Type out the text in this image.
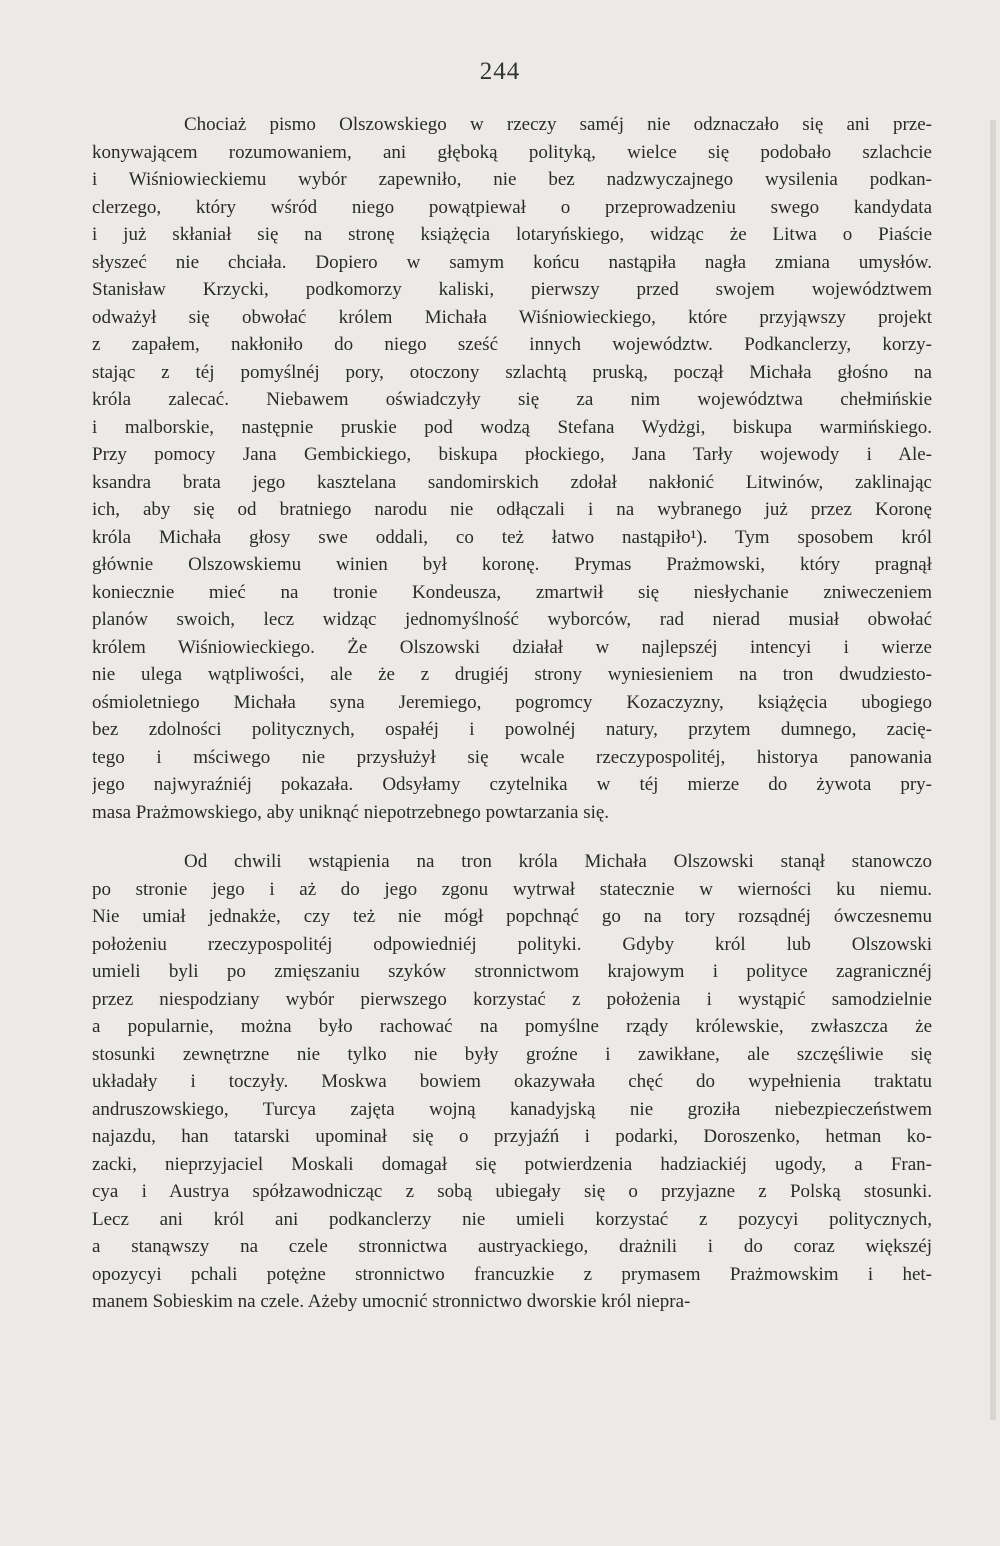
244
Chociaż pismo Olszowskiego w rzeczy saméj nie odznaczało się ani przе-
konywającem rozumowaniem, ani głęboką polityką, wielce się podobało szlachcie
i Wiśniowieckiemu wybór zapewniło, nie bez nadzwyczajnego wysilenia podkan-
clerzego, który wśród niego powątpiewał o przeprowadzeniu swego kandydata
i już skłaniał się na stronę książęcia lotaryńskiego, widząc że Litwa o Piaście
słyszeć nie chciała. Dopiero w samym końcu nastąpiła nagła zmiana umysłów.
Stanisław Krzycki, podkomorzy kaliski, pierwszy przed swojem województwem
odważył się obwołać królem Michała Wiśniowieckiego, które przyjąwszy projekt
z zapałem, nakłoniło do niego sześć innych województw. Podkanclerzy, korzy-
stając z téj pomyślnéj pory, otoczony szlachtą pruską, począł Michała głośno na
króla zalecać. Niebawem oświadczyły się za nim województwa chełmińskie
i malborskie, następnie pruskie pod wodzą Stefana Wydżgi, biskupa warmińskiego.
Przy pomocy Jana Gembickiego, biskupa płockiego, Jana Tarły wojewody i Ale-
ksandra brata jego kasztelana sandomirskich zdołał nakłonić Litwinów, zaklinając
ich, aby się od bratniego narodu nie odłączali i na wybranego już przez Koronę
króla Michała głosy swe oddali, co też łatwo nastąpiło¹). Tym sposobem król
głównie Olszowskiemu winien był koronę. Prymas Prażmowski, który pragnął
koniecznie mieć na tronie Kondeusza, zmartwił się niesłychanie zniweczeniem
planów swoich, lecz widząc jednomyślność wyborców, rad nierad musiał obwołać
królem Wiśniowieckiego. Że Olszowski działał w najlepszéj intencyi i wierze
nie ulega wątpliwości, ale że z drugiéj strony wyniesieniem na tron dwudziesto-
ośmioletniego Michała syna Jeremiego, pogromcy Kozaczyzny, książęcia ubogiego
bez zdolności politycznych, ospałéj i powolnéj natury, przytem dumnego, zacię-
tego i mściwego nie przysłużył się wcale rzeczypospolitéj, historya panowania
jego najwyraźniéj pokazała. Odsyłamy czytelnika w téj mierze do żywota pry-
masa Prażmowskiego, aby uniknąć niepotrzebnego powtarzania się.
Od chwili wstąpienia na tron króla Michała Olszowski stanął stanowczo
po stronie jego i aż do jego zgonu wytrwał statecznie w wierności ku niemu.
Nie umiał jednakże, czy też nie mógł popchnąć go na tory rozsądnéj ówczesnemu
położeniu rzeczypospolitéj odpowiedniéj polityki. Gdyby król lub Olszowski
umieli byli po zmięszaniu szyków stronnictwom krajowym i polityce zagranicznéj
przez niespodziany wybór pierwszego korzystać z położenia i wystąpić samodzielnie
a popularnie, można było rachować na pomyślne rządy królewskie, zwłaszcza że
stosunki zewnętrzne nie tylko nie były groźne i zawikłane, ale szczęśliwie się
układały i toczyły. Moskwa bowiem okazywała chęć do wypełnienia traktatu
andruszowskiego, Turcya zajęta wojną kanadyjską nie groziła niebezpieczeństwem
najazdu, han tatarski upominał się o przyjaźń i podarki, Doroszenko, hetman ko-
zacki, nieprzyjaciel Moskali domagał się potwierdzenia hadziackiéj ugody, a Fran-
cya i Austrya spółzawodnicząc z sobą ubiegały się o przyjazne z Polską stosunki.
Lecz ani król ani podkanclerzy nie umieli korzystać z pozycyi politycznych,
a stanąwszy na czele stronnictwa austryackiego, drażnili i do coraz większéj
opozycyi pchali potężne stronnictwo francuzkie z prymasem Prażmowskim i het-
manem Sobieskim na czele. Ażeby umocnić stronnictwo dworskie król niepra-
